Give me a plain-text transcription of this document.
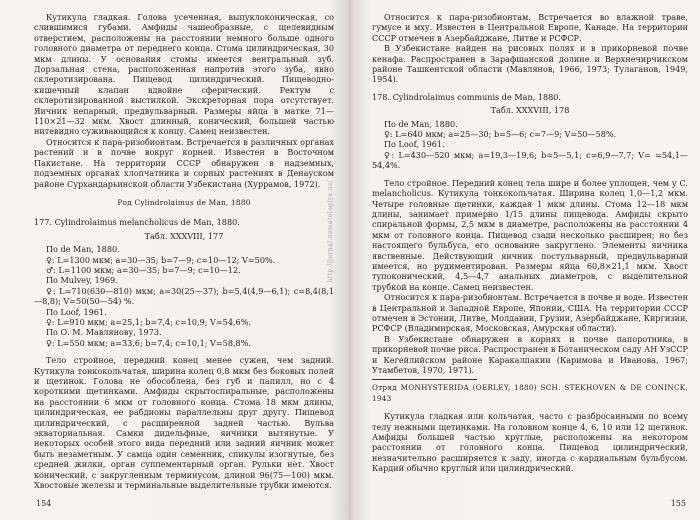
Кутикула гладкая. Голова усеченная, выпуклоконическая, со слившимися губами. Амфиды чашеобразные, с щелевидным отверстием, расположены на расстоянии немного больше одного головного диаметра от переднего конца. Стома цилиндрическая, 30 мкм длины. У основания стомы имеется вентральный зуб. Дорзальная стена, расположенная напротив этого зуба, явно склеротизирована. Пищевод цилиндрический. Пищеводно-кишечный клапан вдвойне сферический. Ректум с склеротизированной выстилкой. Экскреторная пора отсутствует. Яичник непарный, предвульварный. Размеры яйца в матке 71—110×21—32 мкм. Хвост длинный, конический, большей частью нитевидно суживающийся к концу. Самец неизвестен.

Относится к пара-ризобионтам. Встречается в различных органах растений и в почве вокруг корней. Известен в Восточном Пакистане. На территории СССР обнаружен в надземных, подземных органах хлопчатника и сорных растениях в Денауском районе Сурхандарьинской области Узбекистана (Хуррамов, 1972).

Род Cylindrolaimus de Man, 1880

177. Cylindrolaimus melancholicus de Man, 1880.

Табл. XXXVIII, 177

По de Man, 1880.

♀: L=1300 мкм; a=30—35; b=7—9; c=10—12; V=50%.

♂: L=1100 мкм; a=30—35; b=7—9; c=10—12.

По Mulvey, 1969.

♀: L=710(630—810) мкм; a=30(25—37); b=5,4(4,9—6,1); c=8,4(8,1—8,8); V=50(50—54) %.

По Loof, 1961.

♀: L=910 мкм; a=25,1; b=7,4; c=10,9; V=54,6%.

По О. М. Мавлянову, 1973.

♀: L=550 мкм; a=33,6; b=7,4; c=10,1; V=58,8%.

Тело стройное, передний конец менее сужен, чем задний. Кутикула тонкокольчатая, ширина колец 0,8 мкм без боковых полей и щетинок. Голова не обособлена, без губ и папилл, но с 4 короткими щетинками. Амфиды скрытоспиральные, расположены на расстоянии 6 мкм от головного конца. Стома 18 мкм длины, цилиндрическая, ее рабдионы параллельны друг другу. Пищевод цилиндрический, с расширенной задней частью. Вульва экваториальная. Самки дидельфные, яичники вытянутые. У некоторых особей этого вида передний или задний яичник может быть незаметным. У самца один семенник, спикулы изогнутые, без средней жилки, орган суппементарный орган. Рульки нет. Хвост конический, с закругленным терминусом, длиной 96(75—100) мкм. Хвостовые железы и терминальные выделительные трубки имеются.

http://jurnal.nematologiya.uz/
154

Относится к пара-ризобионтам. Встречается во влажной траве, гумусе и мху. Известен в Центральной Европе, Канаде. На территории СССР отмечен в Азербайджане, Литве и РСФСР.

В Узбекистане найден на рисовых полях и в прикорневой почве кенафа. Распространен в Зарафшанской долине и Верхнечирчикском районе Ташкентской области (Мавлянов, 1966, 1973; Тулаганов, 1949, 1954).

178. Cylindrolaimus communis de Man, 1880.

Табл. XXXVIII, 178

По de Man, 1880.

♀: L=640 мкм; a=25—30; b=5—6; c=7—9; V=50—58%.

По Loof, 1961.

♀: L=430—520 мкм; a=19,3—19,6; b=5—5,1; c=6,9—7,7; V= =54,1—54,4%.

Тело стройное. Передний конец тела шире и более уплощен, чем у C. melancholicus. Кутикула тонкокольчатая. Ширина колец 1,0—1,2 мкм. Четыре головные щетинки, каждая 1 мкм длины. Стома 12—18 мкм длины, занимает примерно 1/15 длины пищевода. Амфиды скрыто спиральной формы, 2,5 мкм в диаметре, расположены на расстоянии 4 мкм от головного конца. Пищевод сзади несколько расширен; но без настоящего бульбуса, его основание закруглено. Элементы яичника явственные. Действующий яичник постульварный, предвульварный имеется, но рудиментирован. Размеры яйца 60,8×21,1 мкм. Хвост тупоконический, 4,5—4,7 анальных диаметров, с выделительной трубкой на конце. Самец неизвестен.

Относится к пара-ризобионтам. Встречается в почве и воде. Известен в Центральной и Западной Европе, Японии, США. На территории СССР отмечен в Эстонии, Литве, Молдавии, Грузии, Азербайджане, Киргизии, РСФСР (Владимирская, Московская, Амурская области).

В Узбекистане обнаружен в корнях и почве папоротника, в прикорневой почве риса. Распространен в Ботаническом саду АН УзССР и Кегейлийском районе Каракалпакии (Каримова и Иванова, 1967; Утамбетов, 1970, 1971).

Отряд MONHYSTERIDA (OERLEY, 1880) SCH. STEKHOVEN & DE CONINCK, 1943

Кутикула гладкая или кольчатая, часто с разбросанными по всему телу нежными щетинками. На головном конце 4, 6, 10 или 12 щетинок. Амфиды большей частью круглые, расположены на некотором расстоянии от головного конца. Пищевод цилиндрический, незначительно расширяется к заду, иногда с кардиальным бульбусом. Кардий обычно круглый или цилиндрический.

155
